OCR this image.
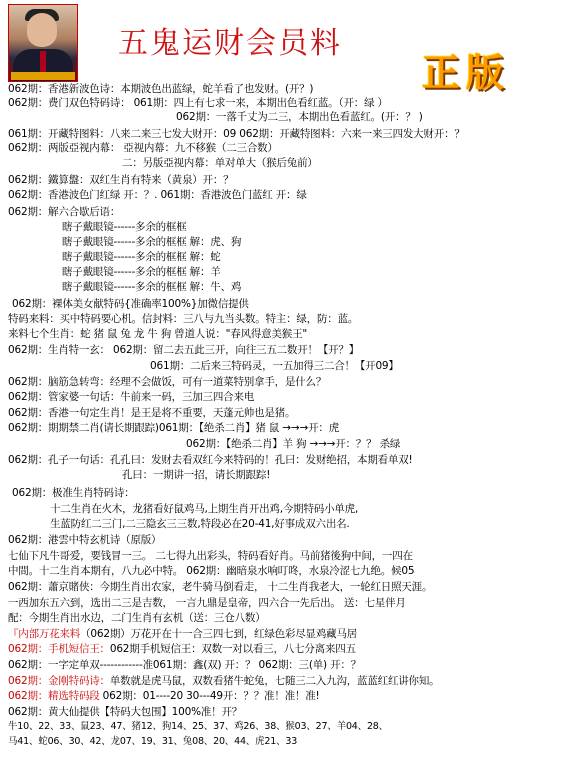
五鬼运财会员料
正版
062期：香港新波色诗：本期波色出蓝绿，蛇羊看了也发财。(开？)
062期：费门双色特码诗： 061期：四上有七求一来，本期出色看红蓝。（开：绿 ）
062期：一落千丈为二三，本期出色看蓝红。(开：？ )
061期：开藏特图料：八来二来三七发大财开：09 062期：开藏特图料：六来一来三四发大财开：？
062期：两版亞视内幕： 亞视内幕：九不移猴（二三合数）
二：另版亞视内幕：单对单大（猴后兔前）
062期：鐵算盤：双红生肖有特来（黄泉）开：？
062期：香港波色门红绿 开：？. 061期：香港波色门蓝红 开：绿
062期：解六合歇后语：
瞎子戴眼镜------多余的框框
瞎子戴眼镜------多余的框框 解：虎、狗
瞎子戴眼镜------多余的框框 解：蛇
瞎子戴眼镜------多余的框框 解：羊
瞎子戴眼镜------多余的框框 解：牛、鸡
062期：裸体美女献特码{准确率100%}加微信提供
特码来料：买中特码要心机。信封料：三八与九当头数。特主：绿，防：蓝。
来料七个生肖：蛇 猪 鼠 兔 龙 牛 狗 曾道人说："春风得意美猴王"
062期：生肖特一玄： 062期：留二去五此三开，向往三五二数开！【开？】
061期：二后来三特码灵，一五加得三二合！【开09】
062期：脑筋急转弯：经理不会做饭，可有一道菜特别拿手，是什么？
062期：管家婆一句话：牛前来一码，三加三四合来电
062期：香港一句定生肖！是王是将不重要，天蓬元帅也是猪。
062期：期期禁二肖(请长期跟踪)061期：【绝杀二肖】猪 鼠 →→→开：虎
062期：【绝杀二肖】羊 狗 →→→开：？？ 杀绿
062期：孔子一句话：孔孔曰：发财去看双红今来特码的！孔曰：发财绝招，本期看单双!
孔曰：一期讲一招，请长期跟踪!
062期：极准生肖特码诗：
十二生肖在火木，龙猪看好鼠鸡马,上期生肖开出鸡,今期特码小单虎,
生蓝防红二三门,二三隐玄三三数,特段必在20-41,好事成双六出名.
062期：港雲中特玄机诗（原版）
七仙下凡牛哥爱，要钱冒一三。 二七得九出彩头，特码看好肖。马前猪後狗中间，一四在
中間。十二生肖本期有，八九必中特。 062期：幽暗泉水响叮咚，水泉冷涩七九绝。候05
062期：蕭京賭侠：今期生肖出农家，老牛骑马倒看走， 十二生肖我老大，一轮红日照天涯。
一西加东五六到，选出二三是吉数， 一言九鼎是皇帝，四六合一先后出。 送：七星伴月
配：今期生肖出水边，二门生肖有玄机（送：三仓八数）
『内部万花来料（062期）万花开在十一合三四七到，红绿色彩尽显鸡藏马居
062期：手机短信王：062期手机短信王：双数一对以看三，八七分离来四五
062期：一字定单双------------准061期：鑫(双) 开：？ 062期：三(单) 开：？
062期：金刚特码诗：单数就是虎马鼠，双数看猪牛蛇兔，七随三二入九沟，蓝蓝红红讲你知。
062期：精选特码段 062期：01----20 30---49开：？？准！准！准!
062期：黄大仙提供【特码大包围】100%准！开？
牛10、22、33、鼠23、47、猪12、狗14、25、37、鸡26、38、猴03、27、羊04、28、
马41、蛇06、30、42、龙07、19、31、兔08、20、44、虎21、33
